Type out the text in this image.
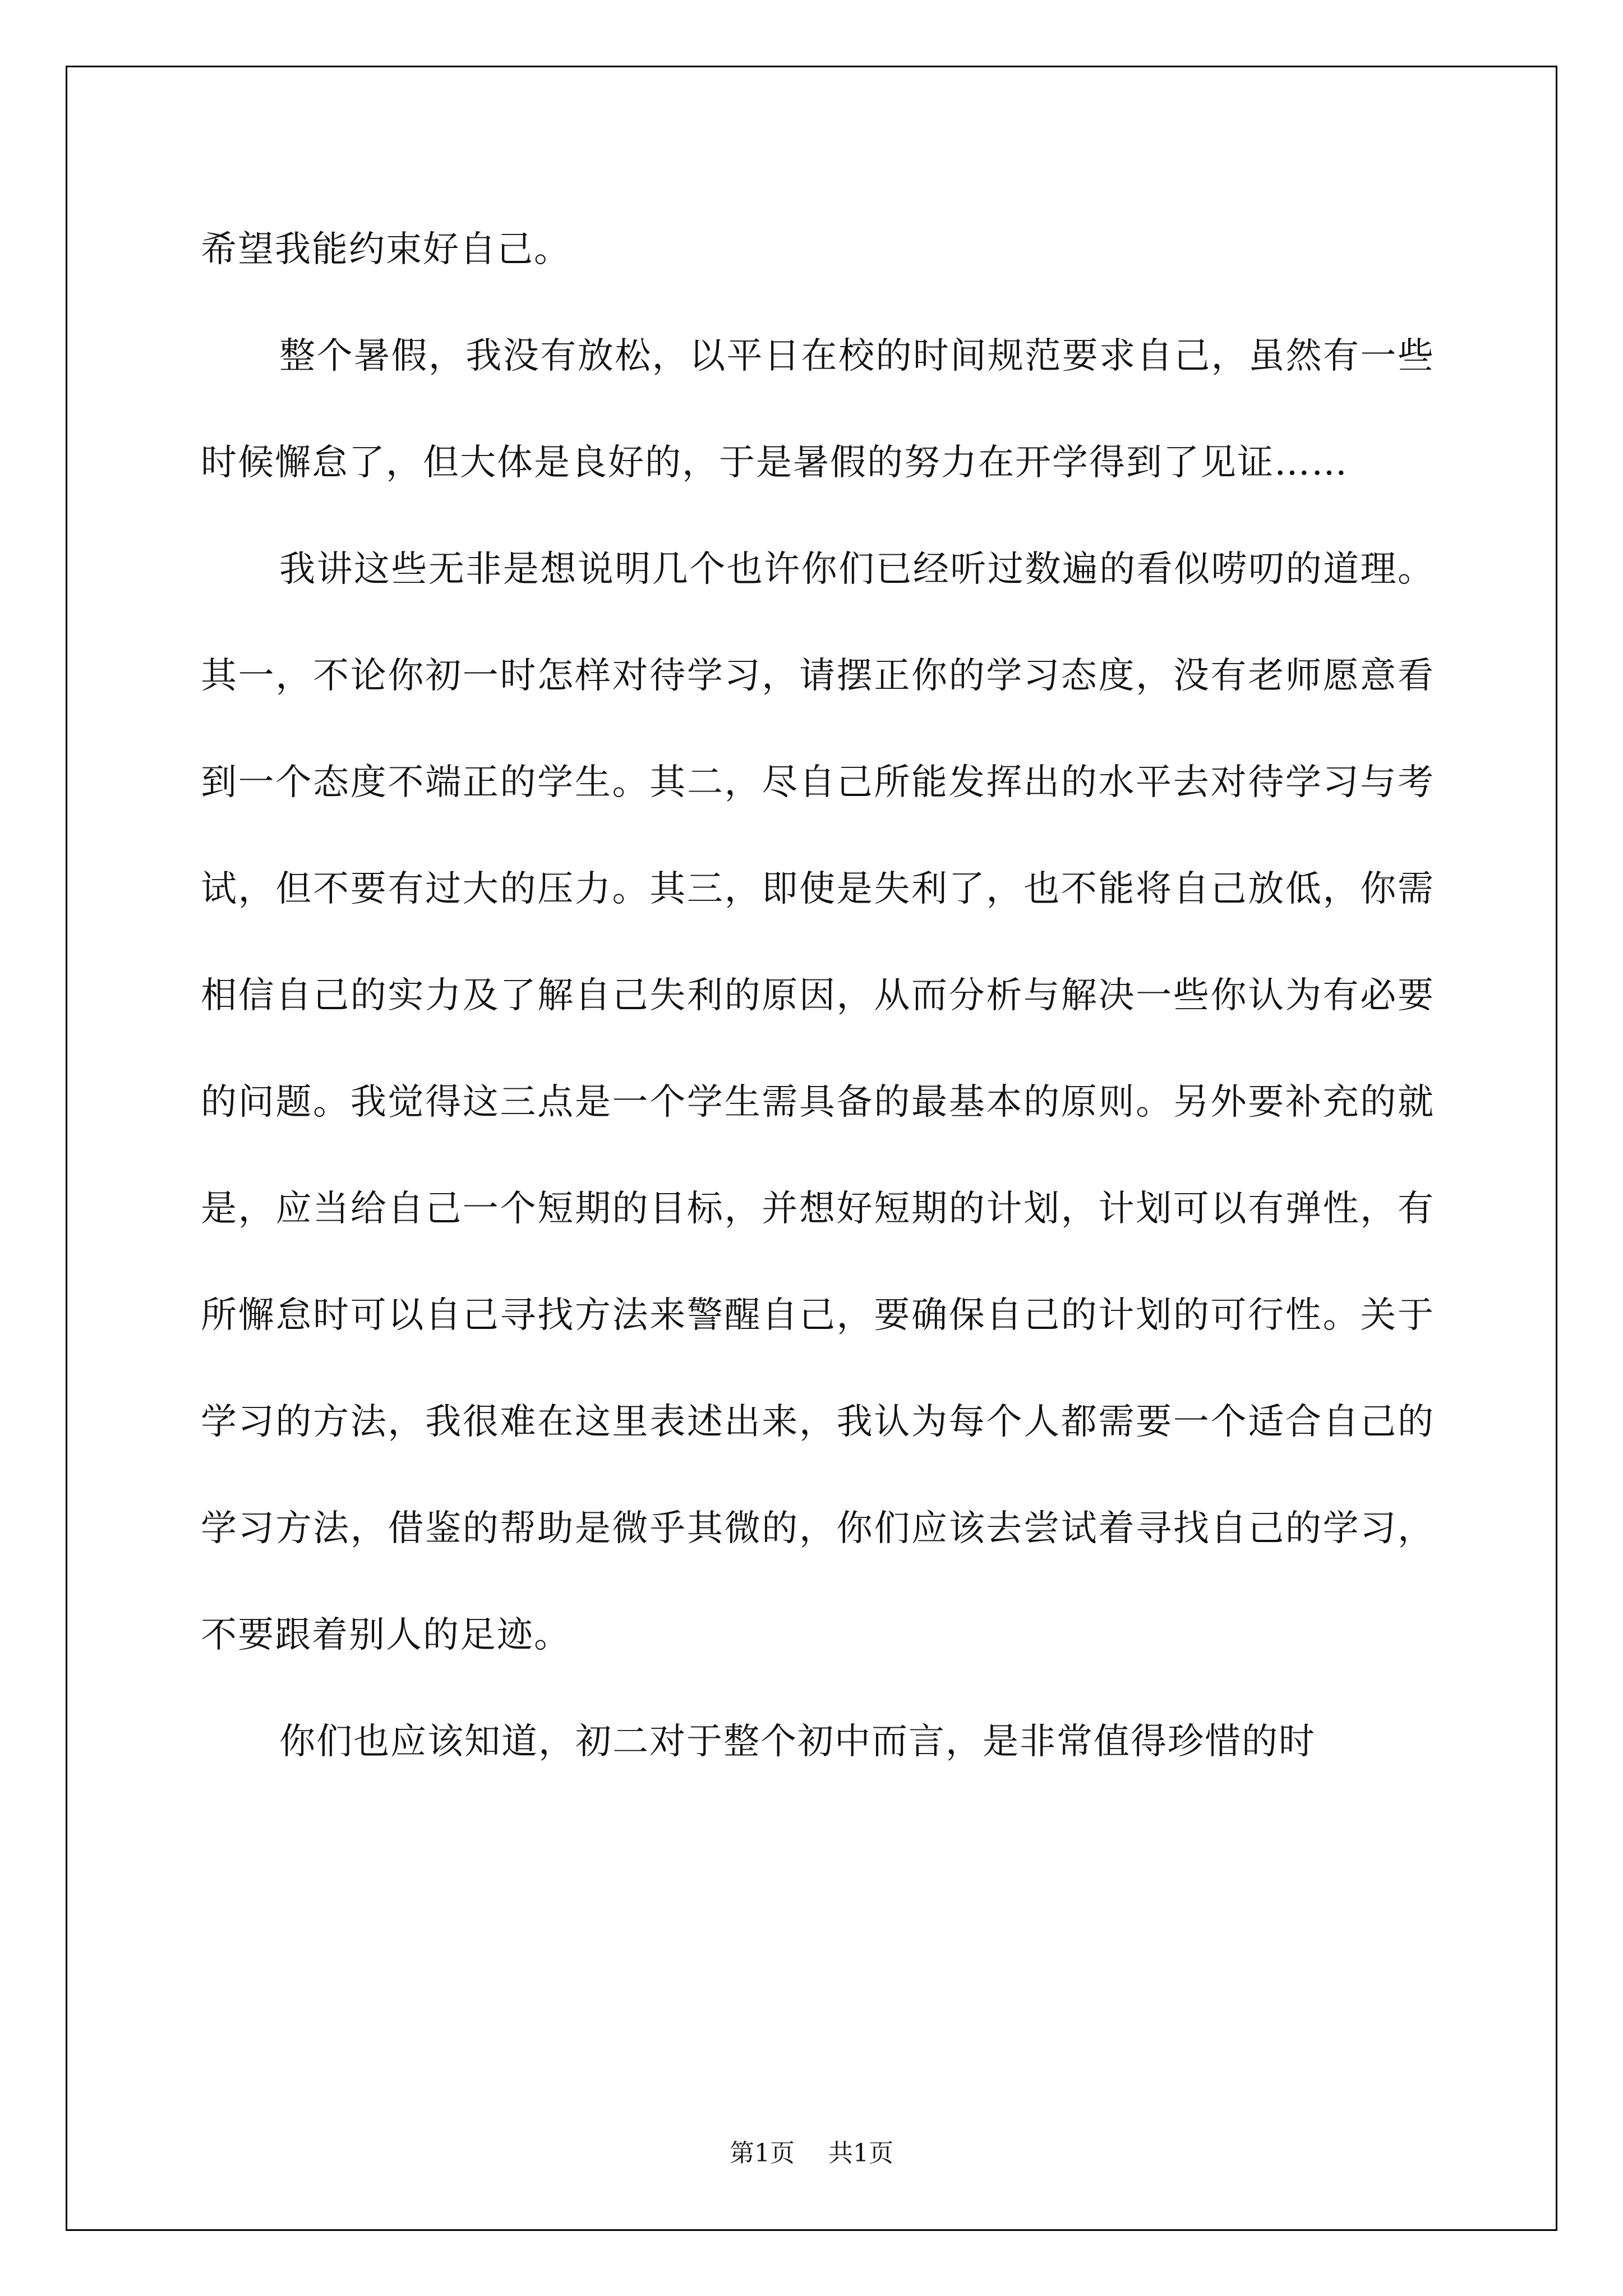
希望我能约束好自己。

整个暑假，我没有放松，以平日在校的时间规范要求自己，虽然有一些时候懈怠了，但大体是良好的，于是暑假的努力在开学得到了见证……

我讲这些无非是想说明几个也许你们已经听过数遍的看似唠叨的道理。其一，不论你初一时怎样对待学习，请摆正你的学习态度，没有老师愿意看到一个态度不端正的学生。其二，尽自己所能发挥出的水平去对待学习与考试，但不要有过大的压力。其三，即使是失利了，也不能将自己放低，你需相信自己的实力及了解自己失利的原因，从而分析与解决一些你认为有必要的问题。我觉得这三点是一个学生需具备的最基本的原则。另外要补充的就是，应当给自己一个短期的目标，并想好短期的计划，计划可以有弹性，有所懈怠时可以自己寻找方法来警醒自己，要确保自己的计划的可行性。关于学习的方法，我很难在这里表述出来，我认为每个人都需要一个适合自己的学习方法，借鉴的帮助是微乎其微的，你们应该去尝试着寻找自己的学习，不要跟着别人的足迹。

你们也应该知道，初二对于整个初中而言，是非常值得珍惜的时

第1页 共1页
